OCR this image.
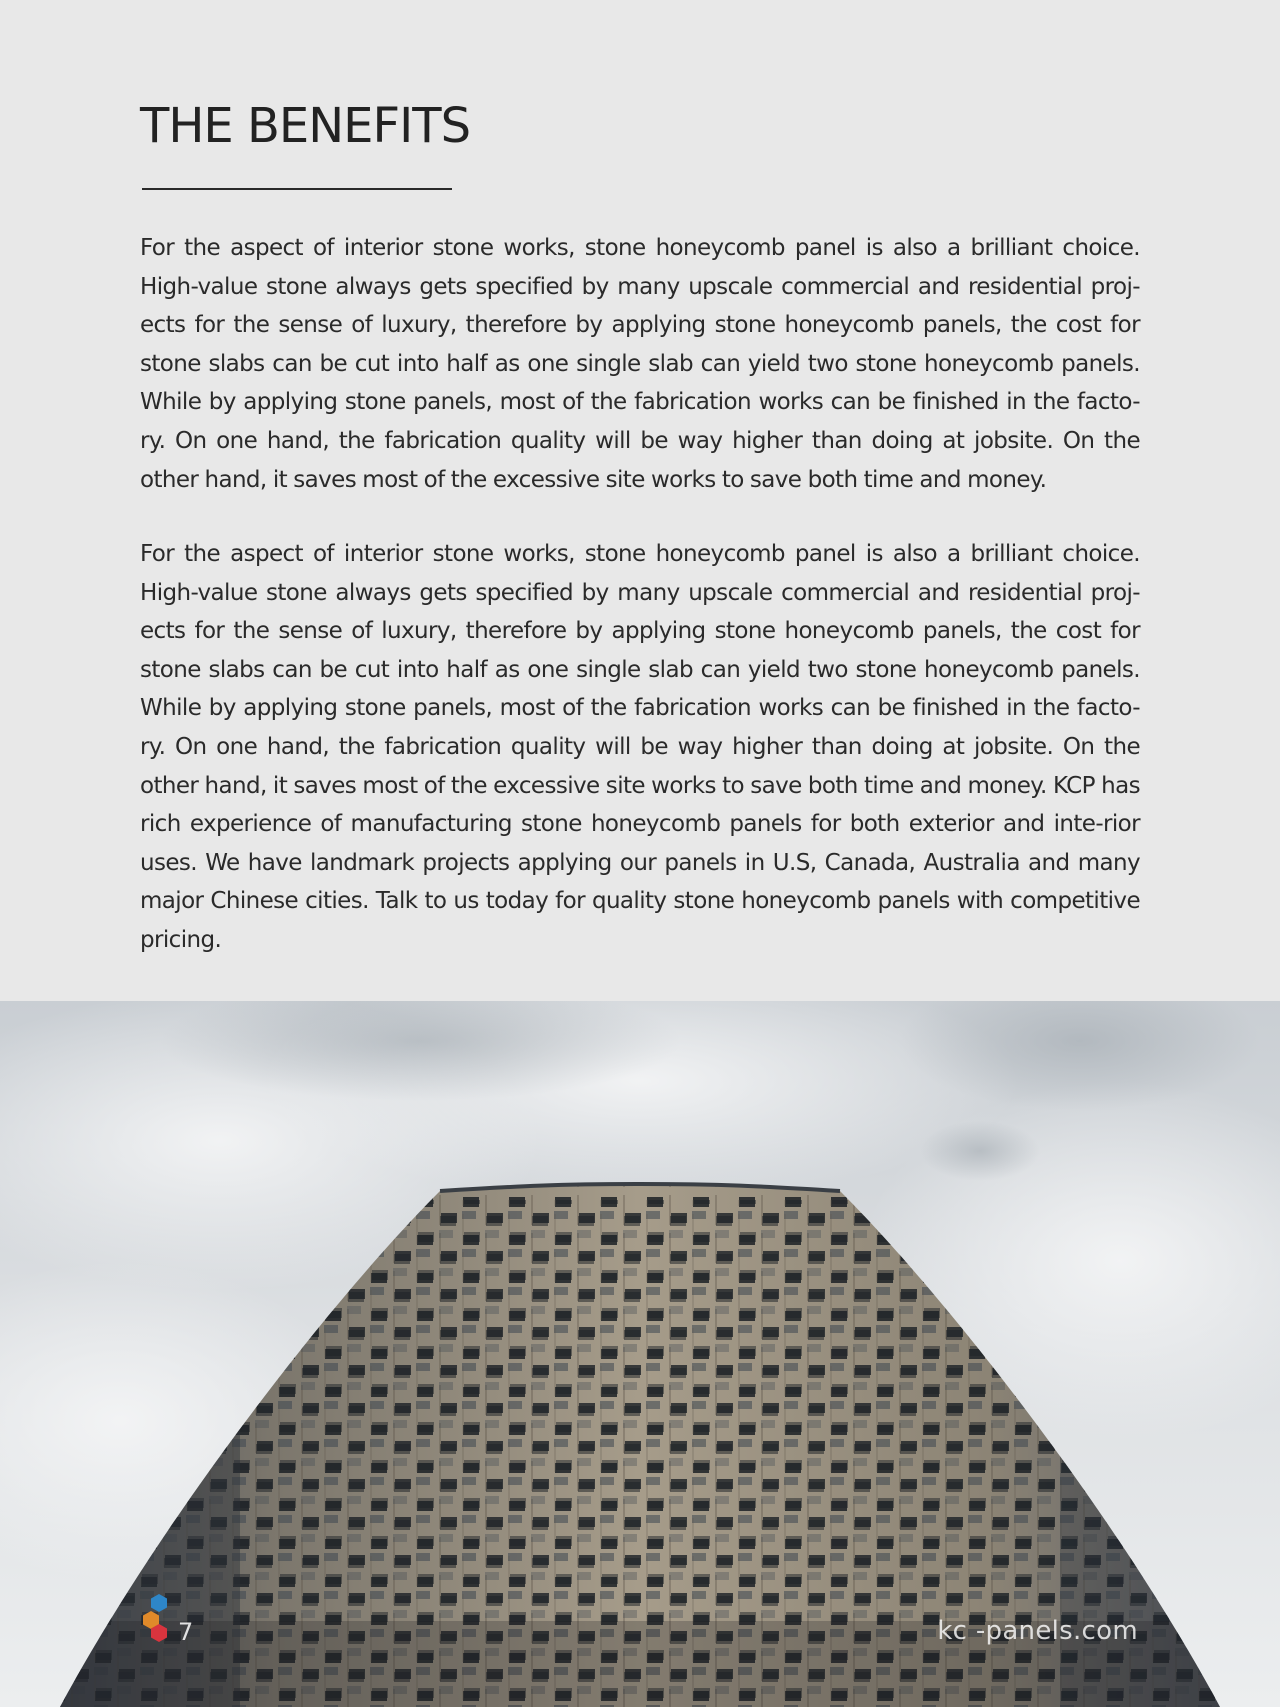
THE BENEFITS

For the aspect of interior stone works, stone honeycomb panel is also a brilliant choice. High-value stone always gets specified by many upscale commercial and residential proj-ects for the sense of luxury, therefore by applying stone honeycomb panels, the cost for stone slabs can be cut into half as one single slab can yield two stone honeycomb panels. While by applying stone panels, most of the fabrication works can be finished in the facto-ry. On one hand, the fabrication quality will be way higher than doing at jobsite. On the other hand, it saves most of the excessive site works to save both time and money.

For the aspect of interior stone works, stone honeycomb panel is also a brilliant choice. High-value stone always gets specified by many upscale commercial and residential proj-ects for the sense of luxury, therefore by applying stone honeycomb panels, the cost for stone slabs can be cut into half as one single slab can yield two stone honeycomb panels. While by applying stone panels, most of the fabrication works can be finished in the facto-ry. On one hand, the fabrication quality will be way higher than doing at jobsite. On the other hand, it saves most of the excessive site works to save both time and money. KCP has rich experience of manufacturing stone honeycomb panels for both exterior and inte-rior uses. We have landmark projects applying our panels in U.S, Canada, Australia and many major Chinese cities. Talk to us today for quality stone honeycomb panels with competitive pricing.

7	kc -panels.com
